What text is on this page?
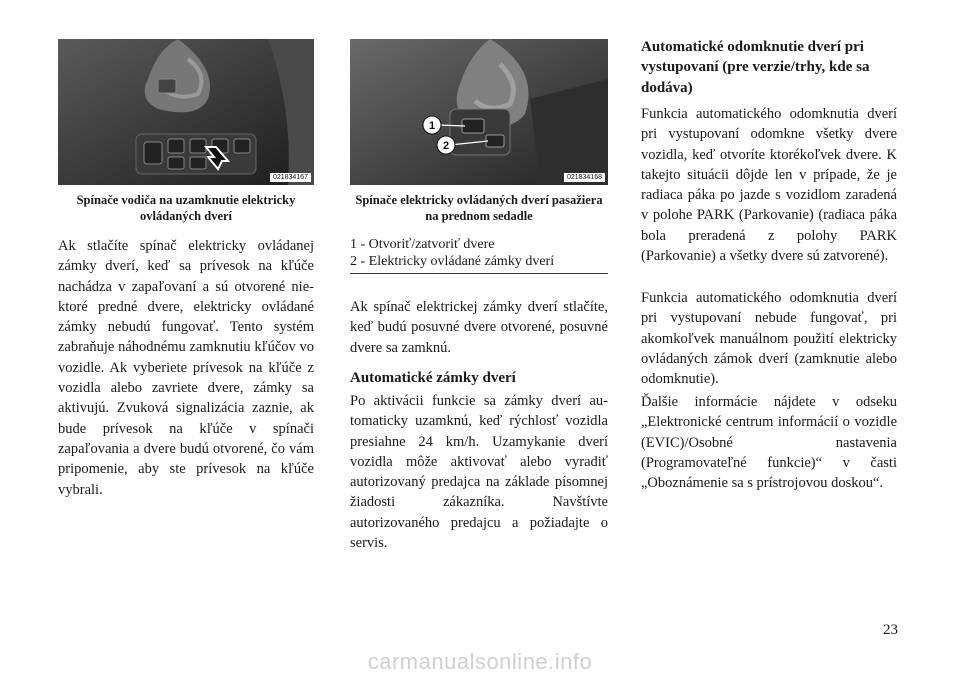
021834167
Spínače vodiča na uzamknutie elektricky ovládaných dverí
1
2
021834168
Spínače elektricky ovládaných dverí pasažiera na prednom sedadle
1 - Otvoriť/zatvoriť dvere
2 - Elektricky ovládané zámky dverí
Ak stlačíte spínač elektricky ovládanej zámky dverí, keď sa prívesok na kľúče nachádza v zapaľovaní a sú otvorené niektoré predné dvere, elektricky ovládané zámky nebudú fungovať. Tento systém zabraňuje náhodnému zamknutiu kľúčov vo vozidle. Ak vyberiete prívesok na kľúče z vozidla alebo zavriete dvere, zámky sa aktivujú. Zvuková signalizácia zaznie, ak bude prívesok na kľúče v spínači zapaľovania a dvere budú otvorené, čo vám pripomenie, aby ste prívesok na kľúče vybrali.
Ak spínač elektrickej zámky dverí stlačíte, keď budú posuvné dvere otvorené, posuvné dvere sa zamknú.
Automatické zámky dverí
Po aktivácii funkcie sa zámky dverí automaticky uzamknú, keď rýchlosť vozidla presiahne 24 km/h. Uzamykanie dverí vozidla môže aktivovať alebo vyradiť autorizovaný predajca na základe písomnej žiadosti zákazníka. Navštívte autorizovaného predajcu a požiadajte o servis.
Automatické odomknutie dverí pri vystupovaní (pre verzie/trhy, kde sa dodáva)
Funkcia automatického odomknutia dverí pri vystupovaní odomkne všetky dvere vozidla, keď otvoríte ktorékoľvek dvere. K takejto situácii dôjde len v prípade, že je radiaca páka po jazde s vozidlom zaradená v polohe PARK (Parkovanie) (radiaca páka bola preradená z polohy PARK (Parkovanie) a všetky dvere sú zatvorené).
Funkcia automatického odomknutia dverí pri vystupovaní nebude fungovať, pri akomkoľvek manuálnom použití elektricky ovládaných zámok dverí (zamknutie alebo odomknutie).
Ďalšie informácie nájdete v odseku „Elektronické centrum informácií o vozidle (EVIC)/Osobné nastavenia (Programovateľné funkcie)“ v časti „Oboznámenie sa s prístrojovou doskou“.
23
carmanualsonline.info
